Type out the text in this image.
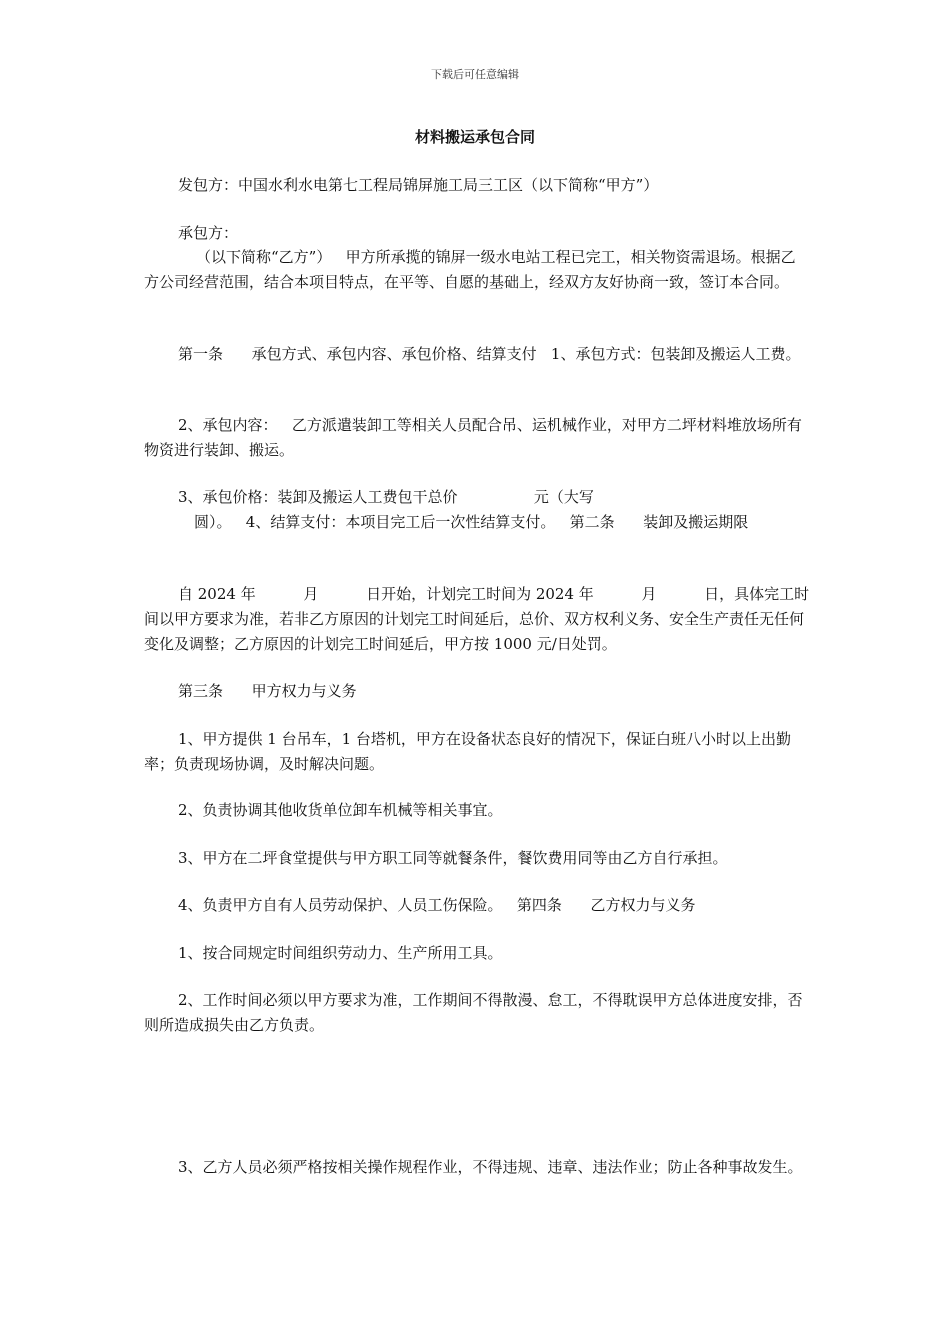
下载后可任意编辑
材料搬运承包合同

发包方：中国水利水电第七工程局锦屏施工局三工区（以下简称“甲方”）

承包方：

（以下简称“乙方”）   甲方所承揽的锦屏一级水电站工程已完工，相关物资需退场。根据乙方公司经营范围，结合本项目特点，在平等、自愿的基础上，经双方友好协商一致，签订本合同。

第一条      承包方式、承包内容、承包价格、结算支付   1、承包方式：包装卸及搬运人工费。

2、承包内容：   乙方派遣装卸工等相关人员配合吊、运机械作业，对甲方二坪材料堆放场所有物资进行装卸、搬运。

3、承包价格：装卸及搬运人工费包干总价                元（大写

圆）。   4、结算支付：本项目完工后一次性结算支付。   第二条      装卸及搬运期限

自 2024 年          月          日开始，计划完工时间为 2024 年          月          日，具体完工时间以甲方要求为准，若非乙方原因的计划完工时间延后，总价、双方权利义务、安全生产责任无任何变化及调整；乙方原因的计划完工时间延后，甲方按 1000 元/日处罚。

第三条      甲方权力与义务

1、甲方提供 1 台吊车，1 台塔机，甲方在设备状态良好的情况下，保证白班八小时以上出勤率；负责现场协调，及时解决问题。

2、负责协调其他收货单位卸车机械等相关事宜。

3、甲方在二坪食堂提供与甲方职工同等就餐条件，餐饮费用同等由乙方自行承担。

4、负责甲方自有人员劳动保护、人员工伤保险。   第四条      乙方权力与义务

1、按合同规定时间组织劳动力、生产所用工具。

2、工作时间必须以甲方要求为准，工作期间不得散漫、怠工，不得耽误甲方总体进度安排，否则所造成损失由乙方负责。

3、乙方人员必须严格按相关操作规程作业，不得违规、违章、违法作业；防止各种事故发生。
